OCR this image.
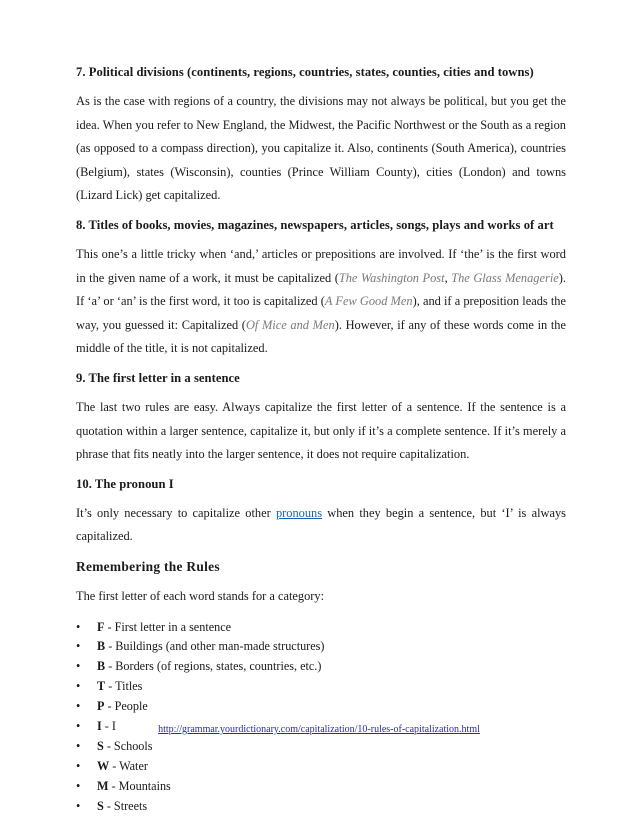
7. Political divisions (continents, regions, countries, states, counties, cities and towns)
As is the case with regions of a country, the divisions may not always be political, but you get the idea. When you refer to New England, the Midwest, the Pacific Northwest or the South as a region (as opposed to a compass direction), you capitalize it. Also, continents (South America), countries (Belgium), states (Wisconsin), counties (Prince William County), cities (London) and towns (Lizard Lick) get capitalized.
8. Titles of books, movies, magazines, newspapers, articles, songs, plays and works of art
This one’s a little tricky when ‘and,’ articles or prepositions are involved. If ‘the’ is the first word in the given name of a work, it must be capitalized (The Washington Post, The Glass Menagerie). If ‘a’ or ‘an’ is the first word, it too is capitalized (A Few Good Men), and if a preposition leads the way, you guessed it: Capitalized (Of Mice and Men). However, if any of these words come in the middle of the title, it is not capitalized.
9. The first letter in a sentence
The last two rules are easy. Always capitalize the first letter of a sentence. If the sentence is a quotation within a larger sentence, capitalize it, but only if it’s a complete sentence. If it’s merely a phrase that fits neatly into the larger sentence, it does not require capitalization.
10. The pronoun I
It’s only necessary to capitalize other pronouns when they begin a sentence, but ‘I’ is always capitalized.
Remembering the Rules
The first letter of each word stands for a category:
• F - First letter in a sentence
• B - Buildings (and other man-made structures)
• B - Borders (of regions, states, countries, etc.)
• T - Titles
• P - People
• I - I
• S - Schools
• W - Water
• M - Mountains
• S - Streets
http://grammar.yourdictionary.com/capitalization/10-rules-of-capitalization.html
